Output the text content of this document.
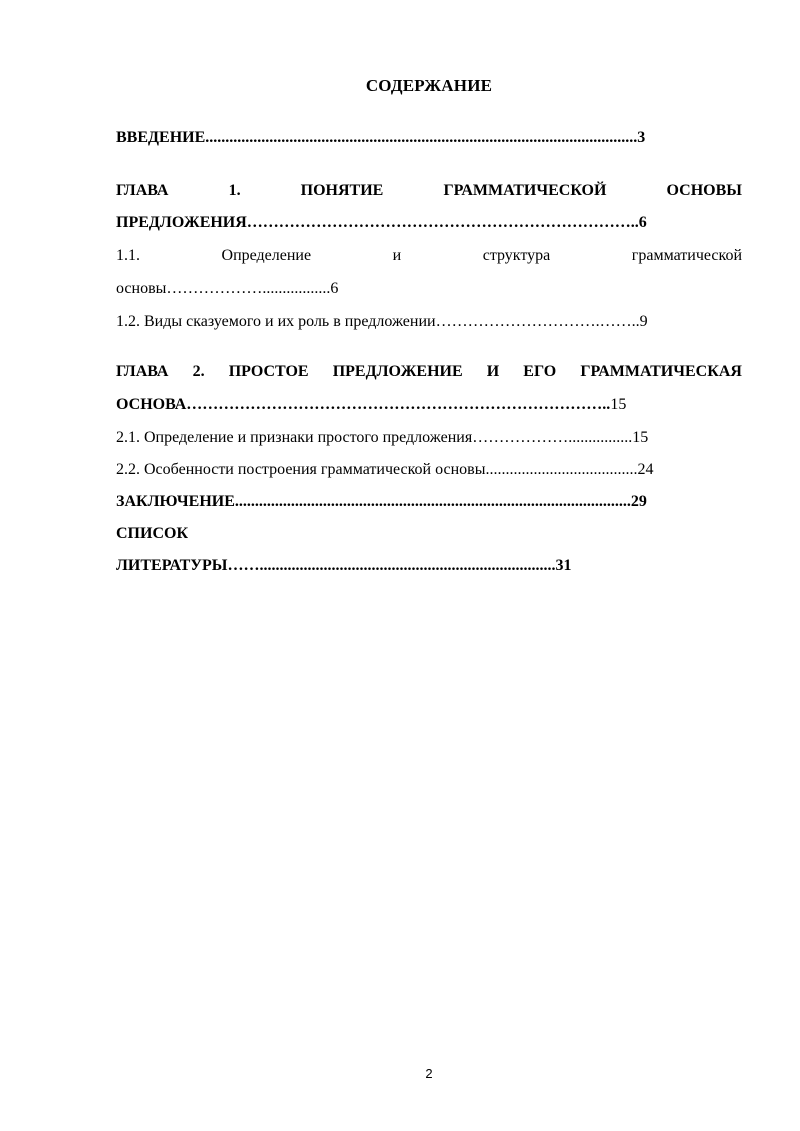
СОДЕРЖАНИЕ
ВВЕДЕНИЕ............................................................................................................3
ГЛАВА	1.	ПОНЯТИЕ	ГРАММАТИЧЕСКОЙ	ОСНОВЫ
ПРЕДЛОЖЕНИЯ………………………………………………………………..6
1.1.	Определение	и	структура	грамматической
основы……………….................6
1.2. Виды сказуемого и их роль в предложении………………………….……..9
ГЛАВА 2. ПРОСТОЕ ПРЕДЛОЖЕНИЕ И ЕГО ГРАММАТИЧЕСКАЯ
ОСНОВА……………………………………………………………………..15
2.1. Определение и признаки простого предложения………………................15
2.2. Особенности построения грамматической основы......................................24
ЗАКЛЮЧЕНИЕ...................................................................................................29
СПИСОК
ЛИТЕРАТУРЫ……..........................................................................31
2
